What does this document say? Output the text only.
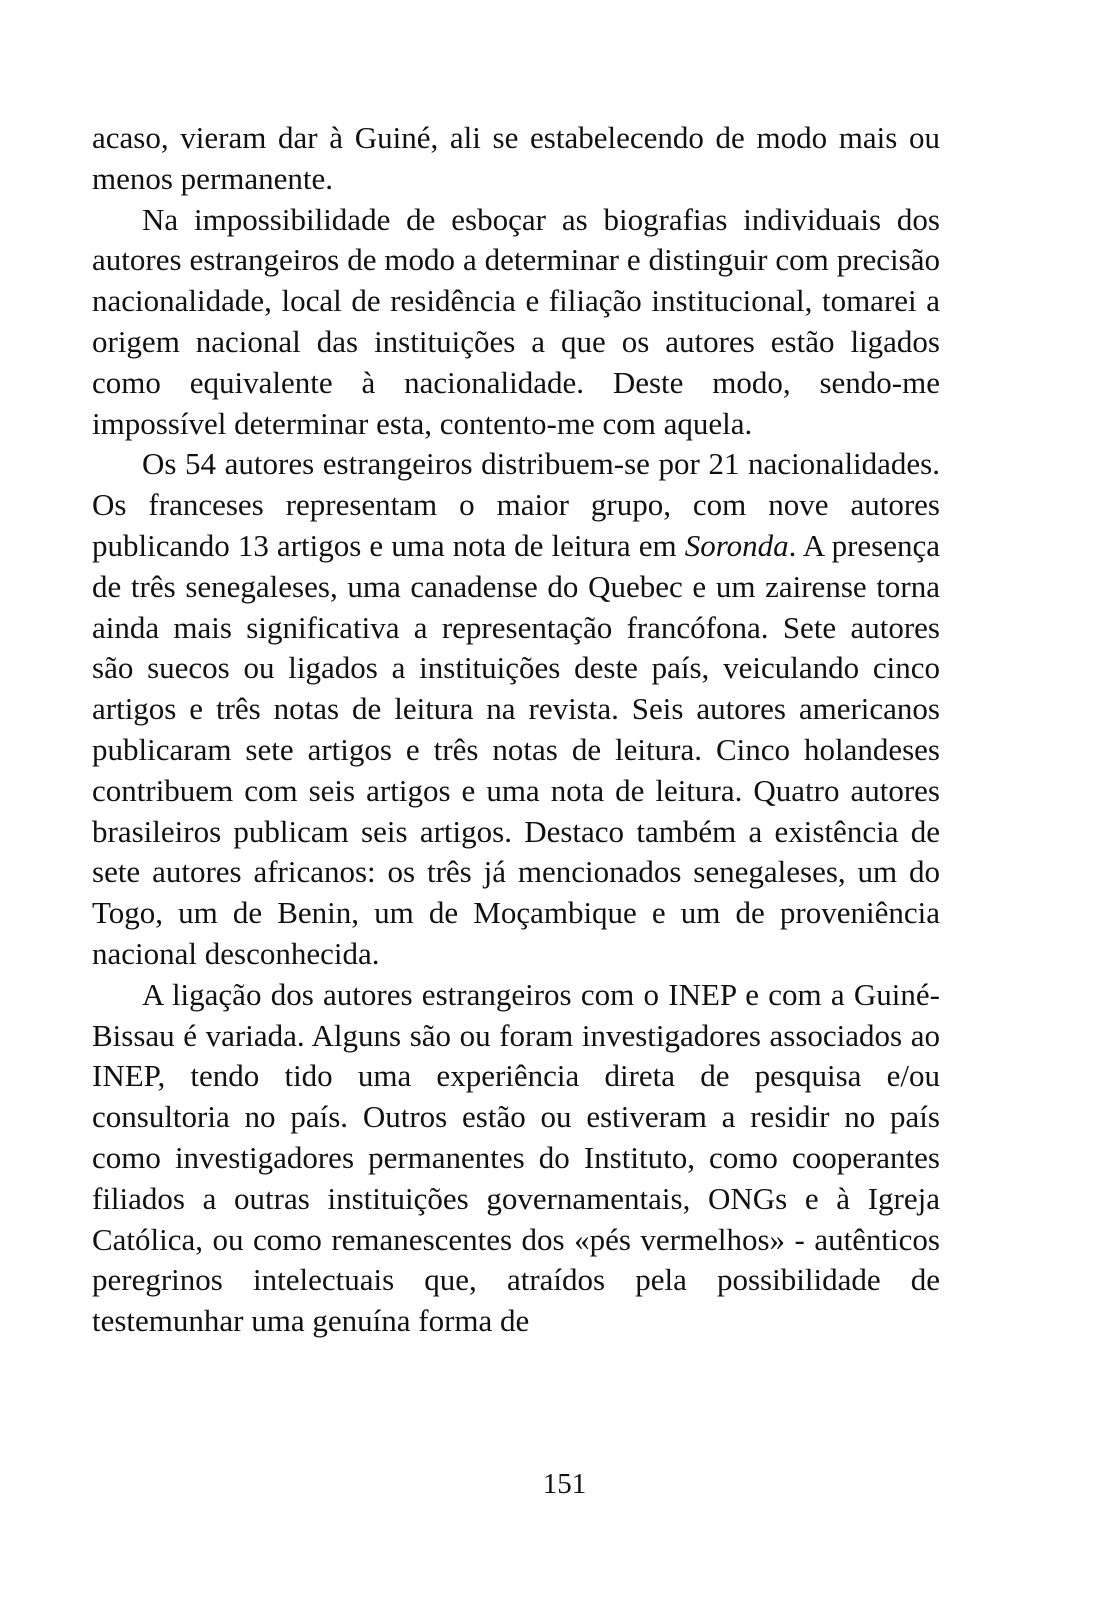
acaso, vieram dar à Guiné, ali se estabelecendo de modo mais ou menos permanente.

Na impossibilidade de esboçar as biografias individuais dos autores estrangeiros de modo a determinar e distinguir com precisão nacionalidade, local de residência e filiação institucional, tomarei a origem nacional das instituições a que os autores estão ligados como equivalente à nacionalidade. Deste modo, sendo-me impossível determinar esta, contento-me com aquela.

Os 54 autores estrangeiros distribuem-se por 21 nacionalidades. Os franceses representam o maior grupo, com nove autores publicando 13 artigos e uma nota de leitura em Soronda. A presença de três senegaleses, uma canadense do Quebec e um zairense torna ainda mais significativa a representação francófona. Sete autores são suecos ou ligados a instituições deste país, veiculando cinco artigos e três notas de leitura na revista. Seis autores americanos publicaram sete artigos e três notas de leitura. Cinco holandeses contribuem com seis artigos e uma nota de leitura. Quatro autores brasileiros publicam seis artigos. Destaco também a existência de sete autores africanos: os três já mencionados senegaleses, um do Togo, um de Benin, um de Moçambique e um de proveniência nacional desconhecida.

A ligação dos autores estrangeiros com o INEP e com a Guiné-Bissau é variada. Alguns são ou foram investigadores associados ao INEP, tendo tido uma experiência direta de pesquisa e/ou consultoria no país. Outros estão ou estiveram a residir no país como investigadores permanentes do Instituto, como cooperantes filiados a outras instituições governamentais, ONGs e à Igreja Católica, ou como remanescentes dos «pés vermelhos» - autênticos peregrinos intelectuais que, atraídos pela possibilidade de testemunhar uma genuína forma de

151
